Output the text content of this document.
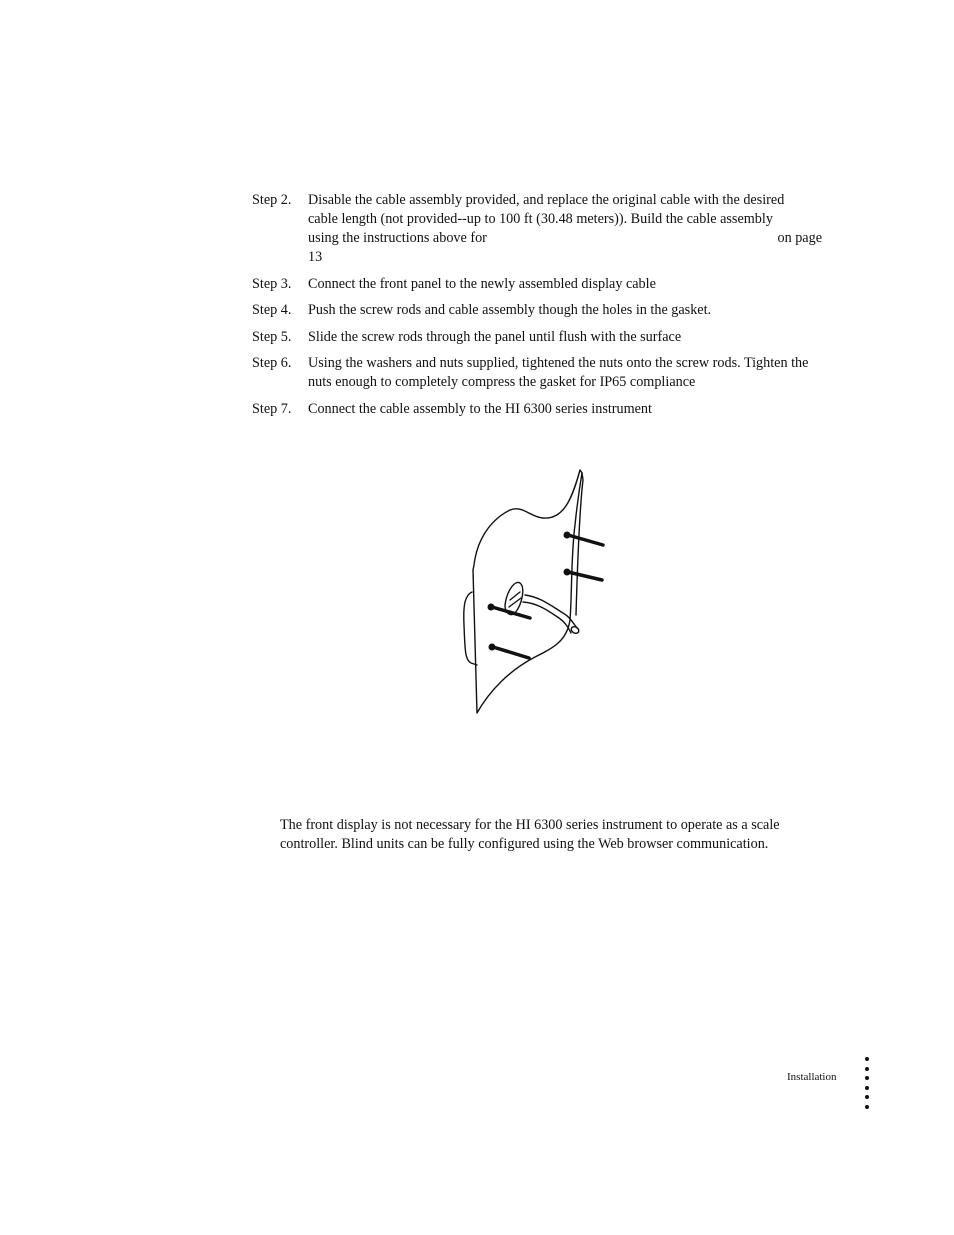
Step 2.	Disable the cable assembly provided, and replace the original cable with the desired
cable length (not provided--up to 100 ft (30.48 meters)). Build the cable assembly
using the instructions above for	on page
13
Step 3.	Connect the front panel to the newly assembled display cable
Step 4.	Push the screw rods and cable assembly though the holes in the gasket.
Step 5.	Slide the screw rods through the panel until flush with the surface
Step 6.	Using the washers and nuts supplied, tightened the nuts onto the screw rods. Tighten the nuts enough to completely compress the gasket for IP65 compliance
Step 7.	Connect the cable assembly to the HI 6300 series instrument
The front display is not necessary for the HI 6300 series instrument to operate as a scale controller. Blind units can be fully configured using the Web browser communication.
Installation
